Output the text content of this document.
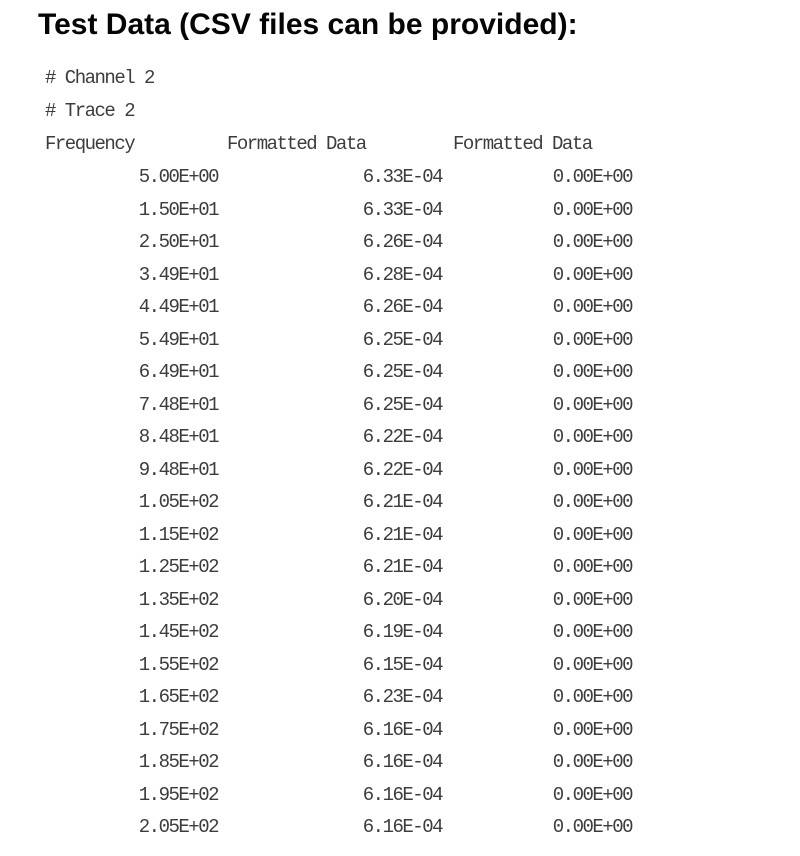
Test Data (CSV files can be provided):
# Channel 2
# Trace 2
Frequency	Formatted Data	Formatted Data
5.00E+00	6.33E-04	0.00E+00
1.50E+01	6.33E-04	0.00E+00
2.50E+01	6.26E-04	0.00E+00
3.49E+01	6.28E-04	0.00E+00
4.49E+01	6.26E-04	0.00E+00
5.49E+01	6.25E-04	0.00E+00
6.49E+01	6.25E-04	0.00E+00
7.48E+01	6.25E-04	0.00E+00
8.48E+01	6.22E-04	0.00E+00
9.48E+01	6.22E-04	0.00E+00
1.05E+02	6.21E-04	0.00E+00
1.15E+02	6.21E-04	0.00E+00
1.25E+02	6.21E-04	0.00E+00
1.35E+02	6.20E-04	0.00E+00
1.45E+02	6.19E-04	0.00E+00
1.55E+02	6.15E-04	0.00E+00
1.65E+02	6.23E-04	0.00E+00
1.75E+02	6.16E-04	0.00E+00
1.85E+02	6.16E-04	0.00E+00
1.95E+02	6.16E-04	0.00E+00
2.05E+02	6.16E-04	0.00E+00
